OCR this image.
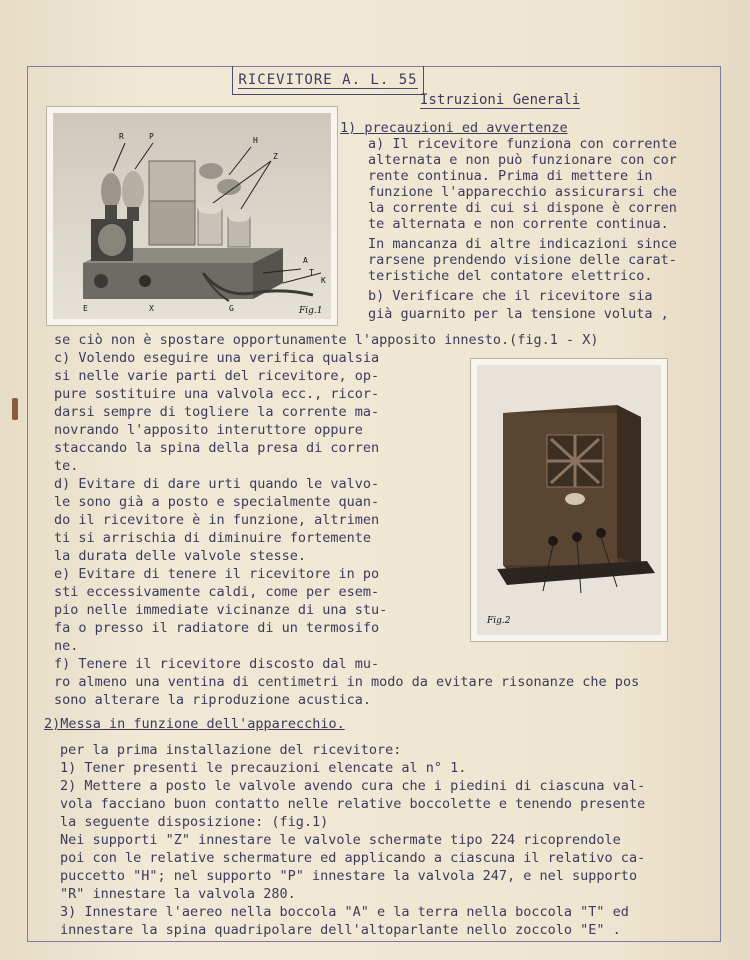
RICEVITORE A. L. 55
Istruzioni Generali
R	P	H
Z
A
T
K
E	X	G	Fig.1
Fig.2
1) precauzioni ed avvertenze
a) Il ricevitore funziona con corrente
alternata e non può funzionare con cor
rente continua. Prima di mettere in
funzione l'apparecchio assicurarsi che
la corrente di cui si dispone è corren
te alternata e non corrente continua.
In mancanza di altre indicazioni since
rarsene prendendo visione delle carat-
teristiche del contatore elettrico.
b) Verificare che il ricevitore sia
già guarnito per la tensione voluta ,
se ciò non è spostare opportunamente l'apposito innesto.(fig.1 - X)
c) Volendo eseguire una verifica qualsia
si nelle varie parti del ricevitore, op-
pure sostituire una valvola ecc., ricor-
darsi sempre di togliere la corrente ma-
novrando l'apposito interuttore oppure
staccando la spina della presa di corren
te.
d) Evitare di dare urti quando le valvo-
le sono già a posto e specialmente quan-
do il ricevitore è in funzione, altrimen
ti si arrischia di diminuire fortemente
la durata delle valvole stesse.
e) Evitare di tenere il ricevitore in po
sti eccessivamente caldi, come per esem-
pio nelle immediate vicinanze di una stu-
fa o presso il radiatore di un termosifo
ne.
f) Tenere il ricevitore discosto dal mu-
ro almeno una ventina di centimetri in modo da evitare risonanze che pos
sono alterare la riproduzione acustica.
2)Messa in funzione dell'apparecchio.
per la prima installazione del ricevitore:
1) Tener presenti le precauzioni elencate al n° 1.
2) Mettere a posto le valvole avendo cura che i piedini di ciascuna val-
vola facciano buon contatto nelle relative boccolette e tenendo presente
la seguente disposizione: (fig.1)
Nei supporti "Z" innestare le valvole schermate tipo 224 ricoprendole
poi con le relative schermature ed applicando a ciascuna il relativo ca-
puccetto "H"; nel supporto "P" innestare la valvola 247, e nel supporto
"R" innestare la valvola 280.
3) Innestare l'aereo nella boccola "A" e la terra nella boccola "T" ed
innestare la spina quadripolare dell'altoparlante nello zoccolo "E" .
